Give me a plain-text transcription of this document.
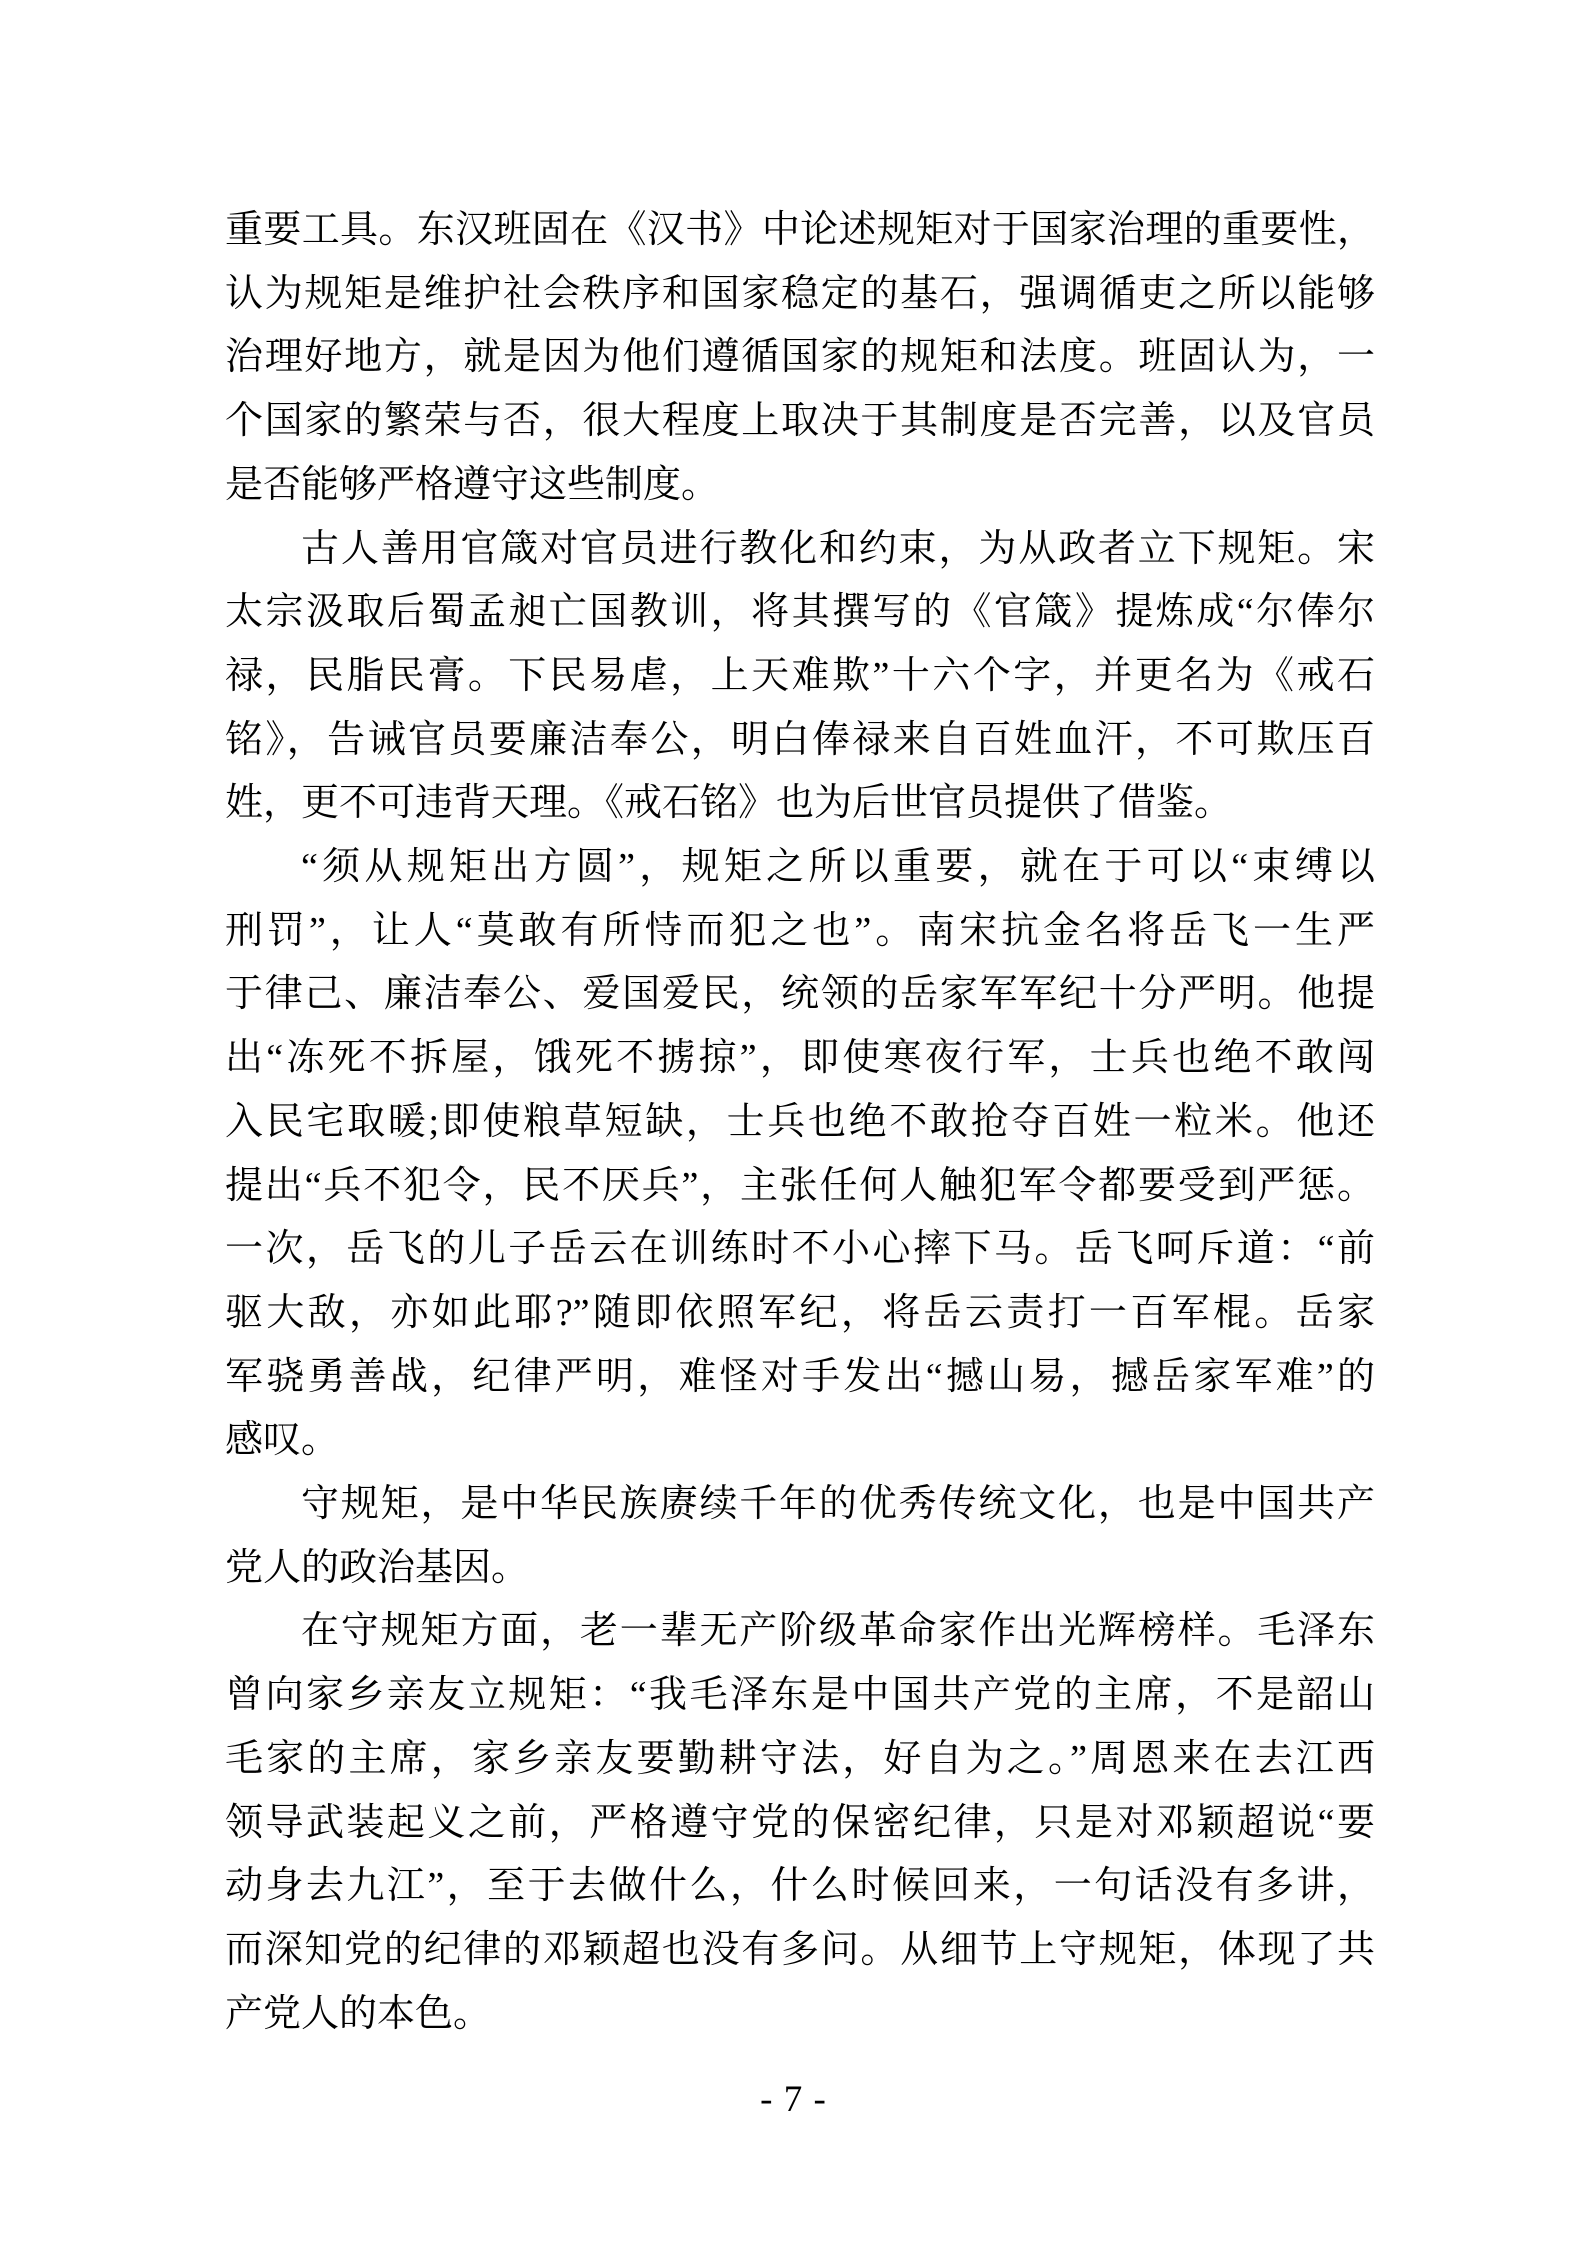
重要工具。东汉班固在《汉书》中论述规矩对于国家治理的重要性，
认为规矩是维护社会秩序和国家稳定的基石，强调循吏之所以能够
治理好地方，就是因为他们遵循国家的规矩和法度。班固认为，一
个国家的繁荣与否，很大程度上取决于其制度是否完善，以及官员
是否能够严格遵守这些制度。
古人善用官箴对官员进行教化和约束，为从政者立下规矩。宋
太宗汲取后蜀孟昶亡国教训，将其撰写的《官箴》提炼成“尔俸尔
禄，民脂民膏。下民易虐，上天难欺”十六个字，并更名为《戒石
铭》，告诫官员要廉洁奉公，明白俸禄来自百姓血汗，不可欺压百
姓，更不可违背天理。《戒石铭》也为后世官员提供了借鉴。
“须从规矩出方圆”，规矩之所以重要，就在于可以“束缚以
刑罚”，让人“莫敢有所恃而犯之也”。南宋抗金名将岳飞一生严
于律己、廉洁奉公、爱国爱民，统领的岳家军军纪十分严明。他提
出“冻死不拆屋，饿死不掳掠”，即使寒夜行军，士兵也绝不敢闯
入民宅取暖;即使粮草短缺，士兵也绝不敢抢夺百姓一粒米。他还
提出“兵不犯令，民不厌兵”，主张任何人触犯军令都要受到严惩。
一次，岳飞的儿子岳云在训练时不小心摔下马。岳飞呵斥道：“前
驱大敌，亦如此耶?”随即依照军纪，将岳云责打一百军棍。岳家
军骁勇善战，纪律严明，难怪对手发出“撼山易，撼岳家军难”的
感叹。
守规矩，是中华民族赓续千年的优秀传统文化，也是中国共产
党人的政治基因。
在守规矩方面，老一辈无产阶级革命家作出光辉榜样。毛泽东
曾向家乡亲友立规矩：“我毛泽东是中国共产党的主席，不是韶山
毛家的主席，家乡亲友要勤耕守法，好自为之。”周恩来在去江西
领导武装起义之前，严格遵守党的保密纪律，只是对邓颖超说“要
动身去九江”，至于去做什么，什么时候回来，一句话没有多讲，
而深知党的纪律的邓颖超也没有多问。从细节上守规矩，体现了共
产党人的本色。
- 7 -
